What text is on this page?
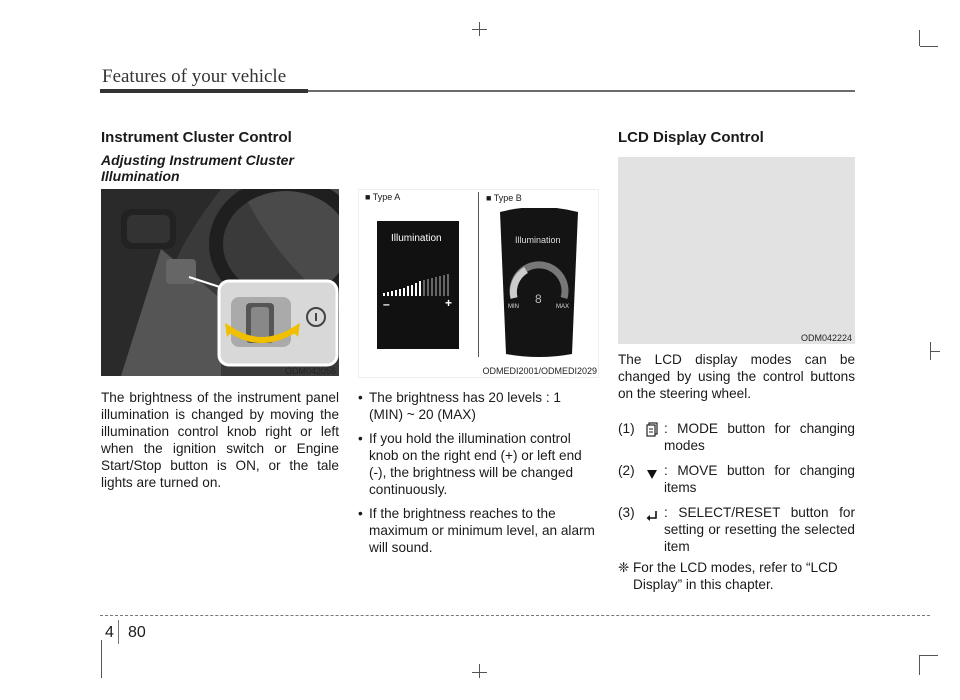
Features of your vehicle
Instrument Cluster Control
Adjusting Instrument Cluster Illumination
ODM042056
The brightness of the instrument panel illumination is changed by moving the illumination control knob right or left when the ignition switch or Engine Start/Stop button is ON, or the tale lights are turned on.
■ Type A	■ Type B
Illumination
–	+
Illumination
MIN	MAX
8
ODMEDI2001/ODMEDI2029
• The brightness has 20 levels : 1 (MIN) ~ 20 (MAX)
• If you hold the illumination control knob on the right end (+) or left end (-), the brightness will be changed continuously.
• If the brightness reaches to the maximum or minimum level, an alarm will sound.
LCD Display Control
ODM042224
The LCD display modes can be changed by using the control buttons on the steering wheel.
(1)	: MODE button for changing modes
(2)	: MOVE button for changing items
(3)	: SELECT/RESET button for setting or resetting the selected item
❈ For the LCD modes, refer to “LCD Display” in this chapter.
4 80
